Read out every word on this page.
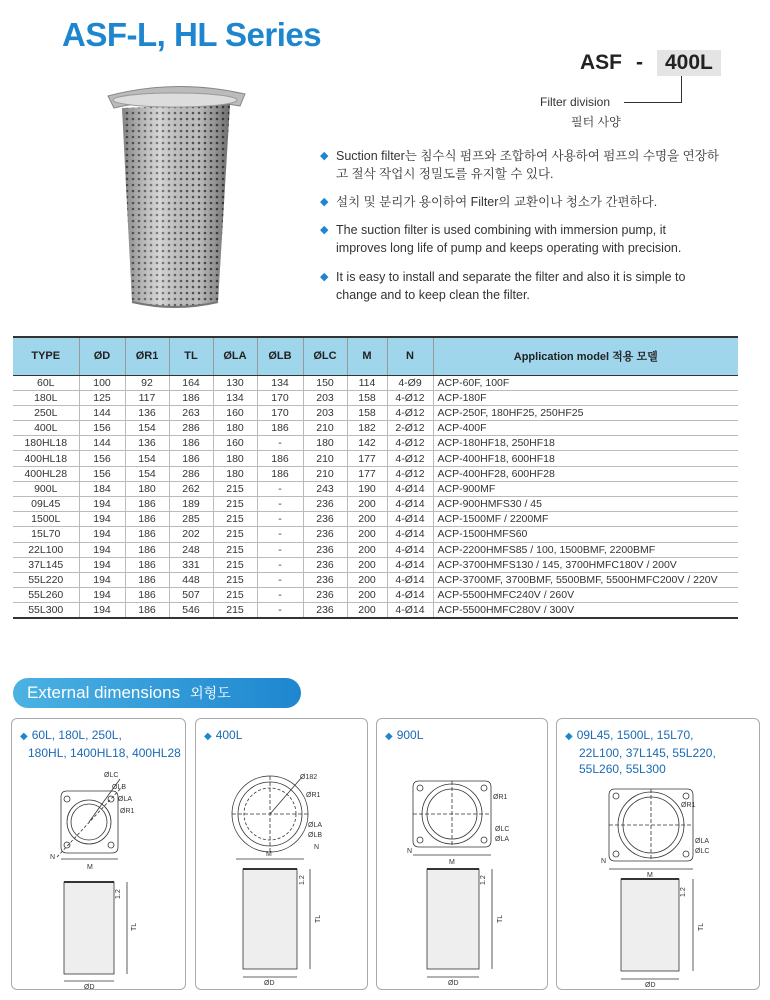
ASF-L, HL Series
ASF -	400L
Filter division
필터 사양
◆ Suction filter는 침수식 펌프와 조합하여 사용하여 펌프의 수명을 연장하고 절삭 작업시 정밀도를 유지할 수 있다.
◆ 설치 및 분리가 용이하여 Filter의 교환이나 청소가 간편하다.
◆ The suction filter is used combining with immersion pump, it improves long life of pump and keeps operating with precision.
◆ It is easy to install and separate the filter and also it is simple to change and to keep clean the filter.
TYPE	ØD	ØR1	TL	ØLA	ØLB	ØLC	M	N	Application model 적용 모델
60L	100	92	164	130	134	150	114	4-Ø9	ACP-60F, 100F
180L	125	117	186	134	170	203	158	4-Ø12	ACP-180F
250L	144	136	263	160	170	203	158	4-Ø12	ACP-250F, 180HF25, 250HF25
400L	156	154	286	180	186	210	182	2-Ø12	ACP-400F
180HL18	144	136	186	160	-	180	142	4-Ø12	ACP-180HF18, 250HF18
400HL18	156	154	186	180	186	210	177	4-Ø12	ACP-400HF18, 600HF18
400HL28	156	154	286	180	186	210	177	4-Ø12	ACP-400HF28, 600HF28
900L	184	180	262	215	-	243	190	4-Ø14	ACP-900MF
09L45	194	186	189	215	-	236	200	4-Ø14	ACP-900HMFS30 / 45
1500L	194	186	285	215	-	236	200	4-Ø14	ACP-1500MF / 2200MF
15L70	194	186	202	215	-	236	200	4-Ø14	ACP-1500HMFS60
22L100	194	186	248	215	-	236	200	4-Ø14	ACP-2200HMFS85 / 100, 1500BMF, 2200BMF
37L145	194	186	331	215	-	236	200	4-Ø14	ACP-3700HMFS130 / 145, 3700HMFC180V / 200V
55L220	194	186	448	215	-	236	200	4-Ø14	ACP-3700MF, 3700BMF, 5500BMF, 5500HMFC200V / 220V
55L260	194	186	507	215	-	236	200	4-Ø14	ACP-5500HMFC240V / 260V
55L300	194	186	546	215	-	236	200	4-Ø14	ACP-5500HMFC280V / 300V
External dimensions 외형도
ØLC
ØLB
ØLA
ØR1
N
M
1.2
TL
ØD
◆ 60L, 180L, 250L,
180HL, 1400HL18, 400HL28
Ø182
ØR1
ØLA
ØLB
N
M
1.2
TL
ØD
◆ 400L
ØR1
ØLC
ØLA
N
M
1.2
TL
ØD
◆ 900L
ØR1
ØLA
ØLC
N
M
1.2
TL
ØD
◆ 09L45, 1500L, 15L70,
22L100, 37L145, 55L220,
55L260, 55L300
